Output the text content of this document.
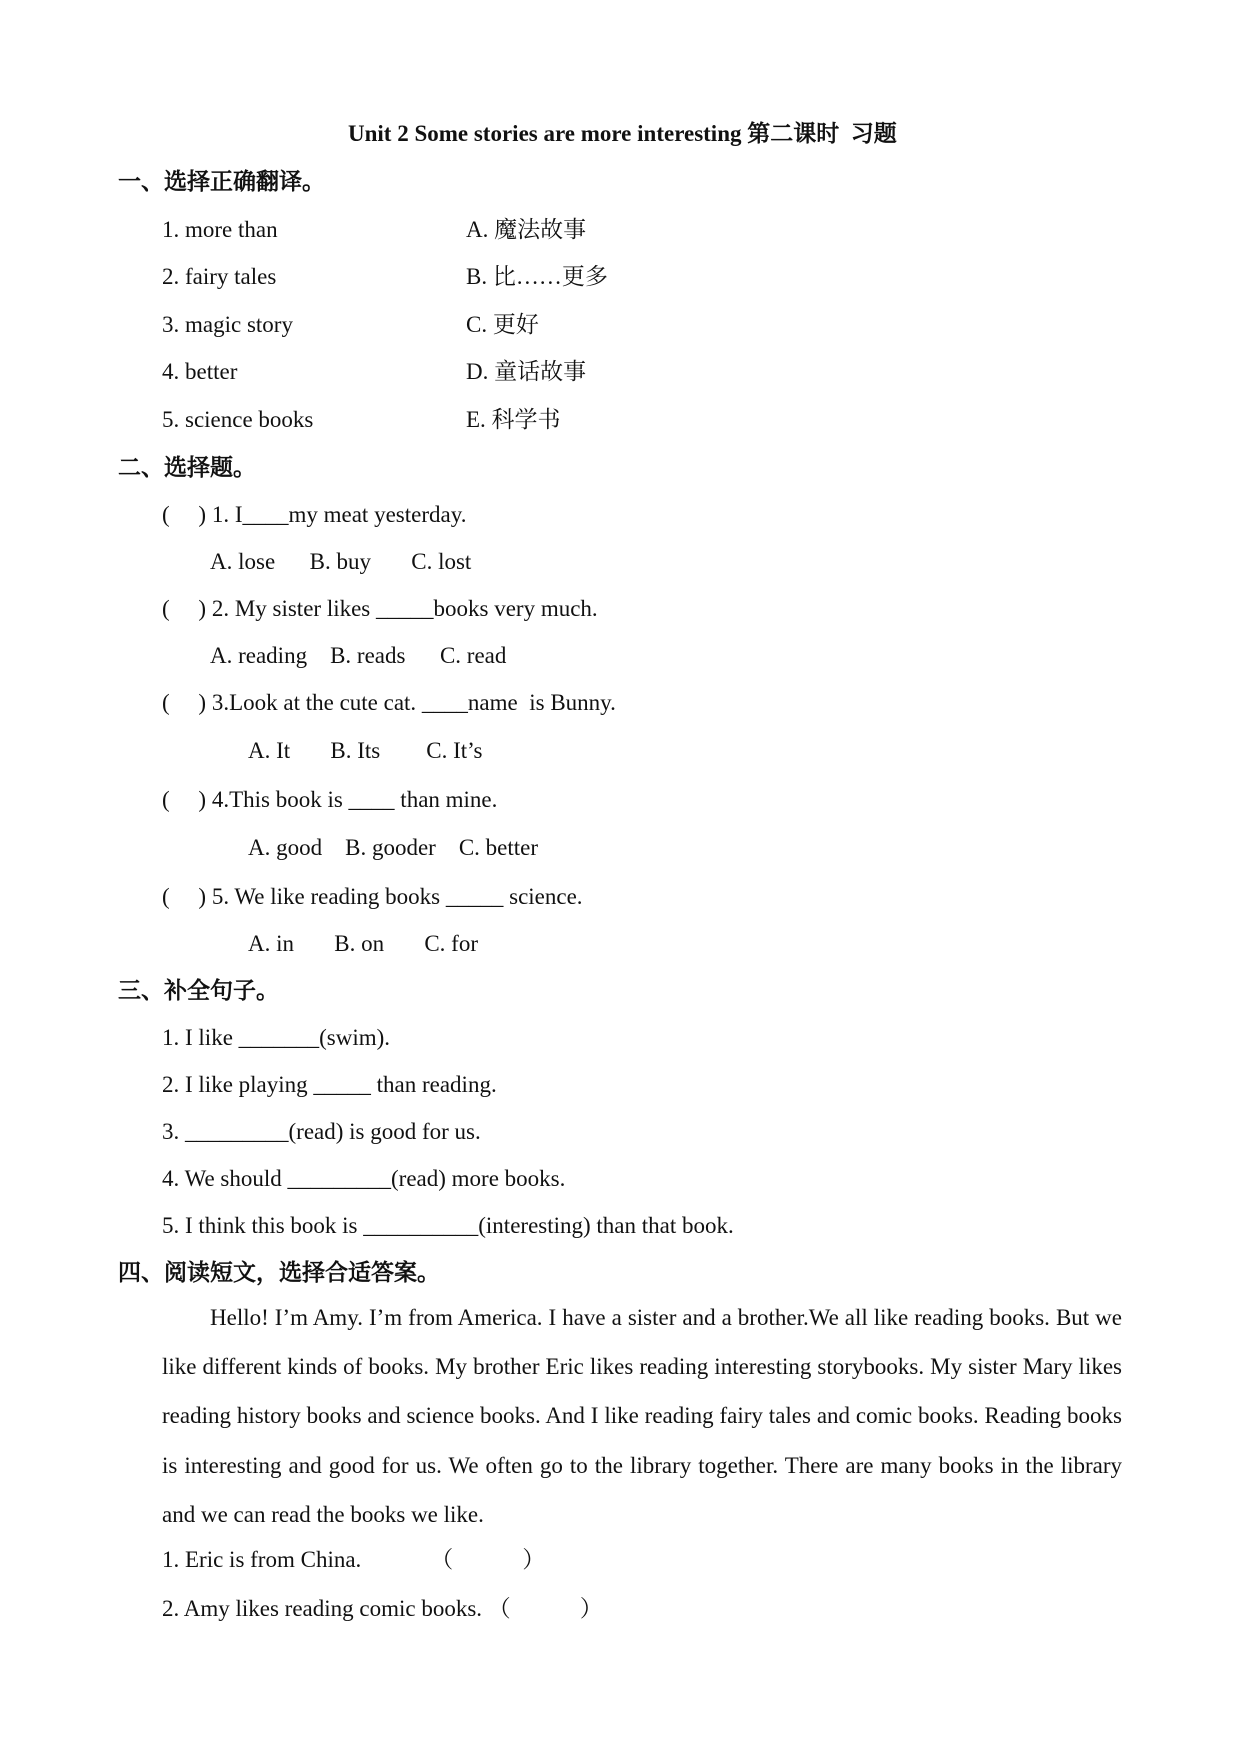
Unit 2 Some stories are more interesting 第二课时  习题
一、选择正确翻译。
1. more than	A. 魔法故事
2. fairy tales	B. 比……更多
3. magic story	C. 更好
4. better	D. 童话故事
5. science books	E. 科学书
二、选择题。
(     ) 1. I____my meat yesterday.
A. lose      B. buy       C. lost
(     ) 2. My sister likes _____books very much.
A. reading    B. reads      C. read
(     ) 3.Look at the cute cat. ____name  is Bunny.
A. It       B. Its        C. It’s
(     ) 4.This book is ____ than mine.
A. good    B. gooder    C. better
(     ) 5. We like reading books _____ science.
A. in       B. on       C. for
三、补全句子。
1. I like _______(swim).
2. I like playing _____ than reading.
3. _________(read) is good for us.
4. We should _________(read) more books.
5. I think this book is __________(interesting) than that book.
四、阅读短文，选择合适答案。

Hello! I’m Amy. I’m from America. I have a sister and a brother.We all like reading books. But we like different kinds of books. My brother Eric likes reading interesting storybooks. My sister Mary likes reading history books and science books. And I like reading fairy tales and comic books. Reading books is interesting and good for us. We often go to the library together. There are many books in the library and we can read the books we like.

1. Eric is from China.            （            ）
2. Amy likes reading comic books. （            ）
